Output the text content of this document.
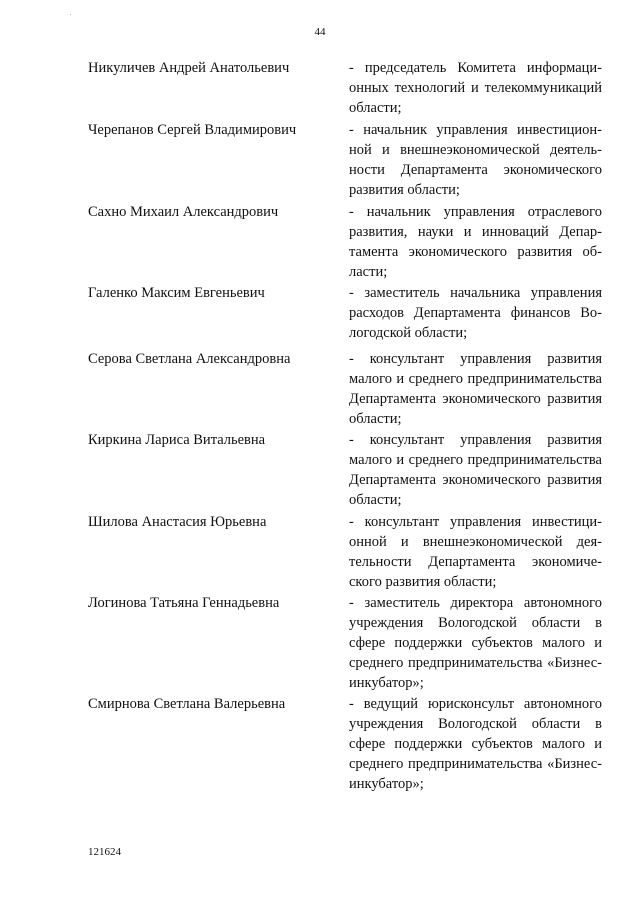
44
Никуличев Андрей Анатольевич	- председатель Комитета информационных технологий и телекоммуникаций области;
Черепанов Сергей Владимирович	- начальник управления инвестиционной и внешнеэкономической деятельности Департамента экономического развития области;
Сахно Михаил Александрович	- начальник управления отраслевого развития, науки и инноваций Департамента экономического развития области;
Галенко Максим Евгеньевич	- заместитель начальника управления расходов Департамента финансов Вологодской области;
Серова Светлана Александровна	- консультант управления развития малого и среднего предпринимательства Департамента экономического развития области;
Киркина Лариса Витальевна	- консультант управления развития малого и среднего предпринимательства Департамента экономического развития области;
Шилова Анастасия Юрьевна	- консультант управления инвестиционной и внешнеэкономической деятельности Департамента экономического развития области;
Логинова Татьяна Геннадьевна	- заместитель директора автономного учреждения Вологодской области в сфере поддержки субъектов малого и среднего предпринимательства «Бизнес-инкубатор»;
Смирнова Светлана Валерьевна	- ведущий юрисконсульт автономного учреждения Вологодской области в сфере поддержки субъектов малого и среднего предпринимательства «Бизнес-инкубатор»;
121624
